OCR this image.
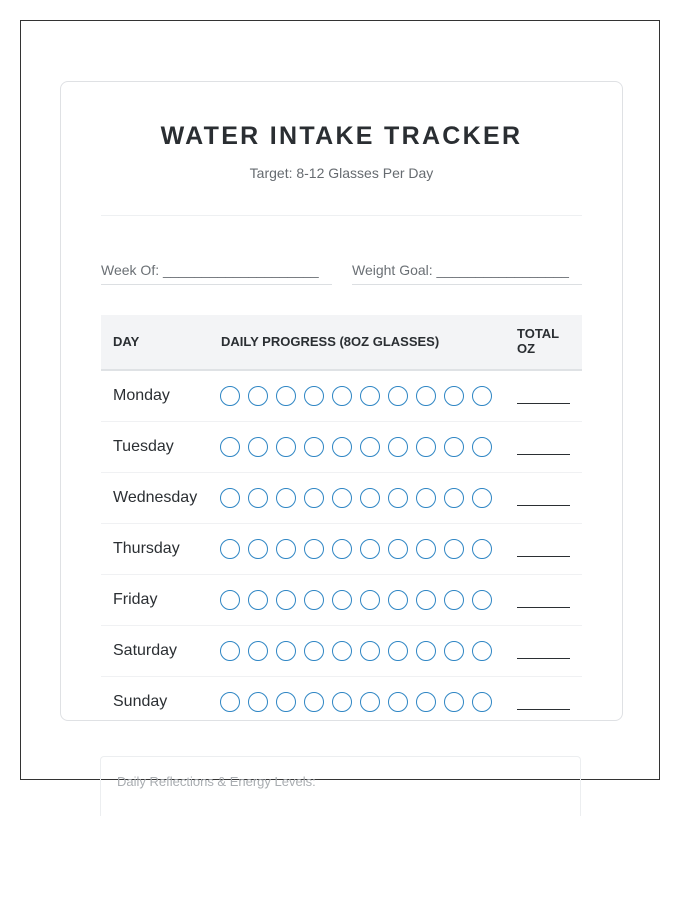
Daily Reflections & Energy Levels:
WATER INTAKE TRACKER
Target: 8-12 Glasses Per Day
Week Of: ____________________	Weight Goal: _________________
DAY	DAILY PROGRESS (8OZ GLASSES)
TOTAL
OZ
Monday
Tuesday
Wednesday
Thursday
Friday
Saturday
Sunday
